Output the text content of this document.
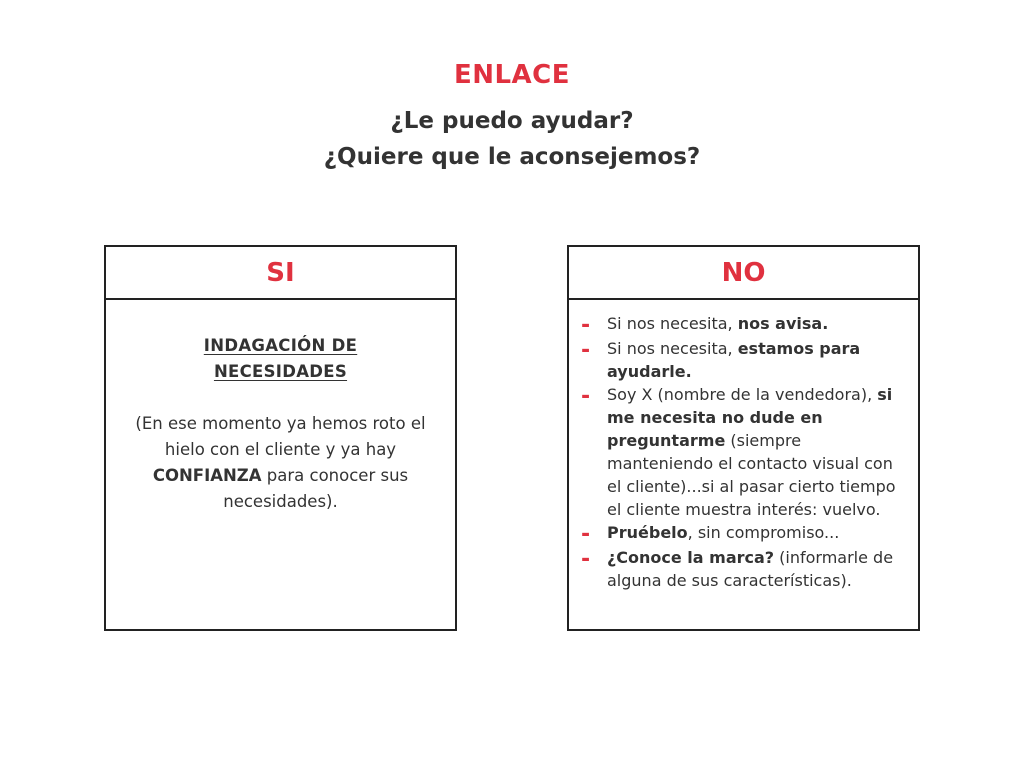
ENLACE
¿Le puedo ayudar?
¿Quiere que le aconsejemos?
SI
INDAGACIÓN DE
NECESIDADES

(En ese momento ya hemos roto el hielo con el cliente y ya hay CONFIANZA para conocer sus necesidades).

NO
-	Si nos necesita, nos avisa.
-	Si nos necesita, estamos para ayudarle.
-	Soy X (nombre de la vendedora), si me necesita no dude en preguntarme (siempre manteniendo el contacto visual con el cliente)...si al pasar cierto tiempo el cliente muestra interés: vuelvo.
-	Pruébelo, sin compromiso...
-	¿Conoce la marca? (informarle de alguna de sus características).
